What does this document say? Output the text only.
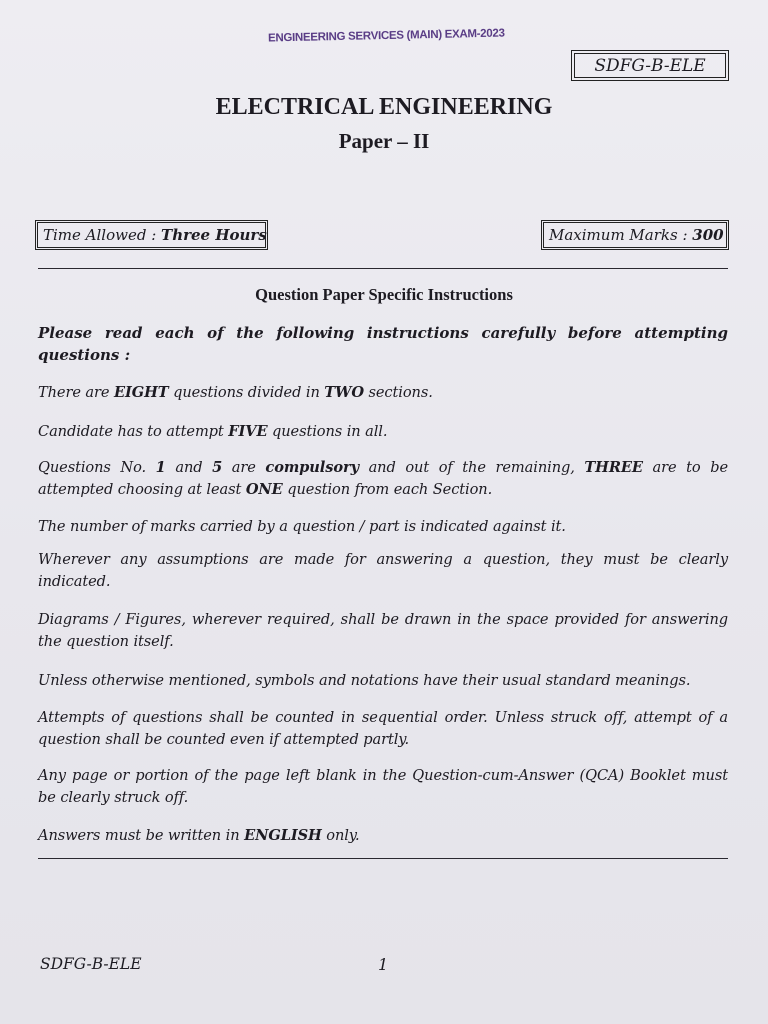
ENGINEERING SERVICES (MAIN) EXAM-2023
SDFG-B-ELE
ELECTRICAL ENGINEERING
Paper – II
Time Allowed : Three Hours	Maximum Marks : 300
Question Paper Specific Instructions
Please read each of the following instructions carefully before attempting questions :
There are EIGHT questions divided in TWO sections.
Candidate has to attempt FIVE questions in all.
Questions No. 1 and 5 are compulsory and out of the remaining, THREE are to be attempted choosing at least ONE question from each Section.
The number of marks carried by a question / part is indicated against it.
Wherever any assumptions are made for answering a question, they must be clearly indicated.
Diagrams / Figures, wherever required, shall be drawn in the space provided for answering the question itself.
Unless otherwise mentioned, symbols and notations have their usual standard meanings.
Attempts of questions shall be counted in sequential order. Unless struck off, attempt of a question shall be counted even if attempted partly.
Any page or portion of the page left blank in the Question-cum-Answer (QCA) Booklet must be clearly struck off.
Answers must be written in ENGLISH only.
SDFG-B-ELE	1
